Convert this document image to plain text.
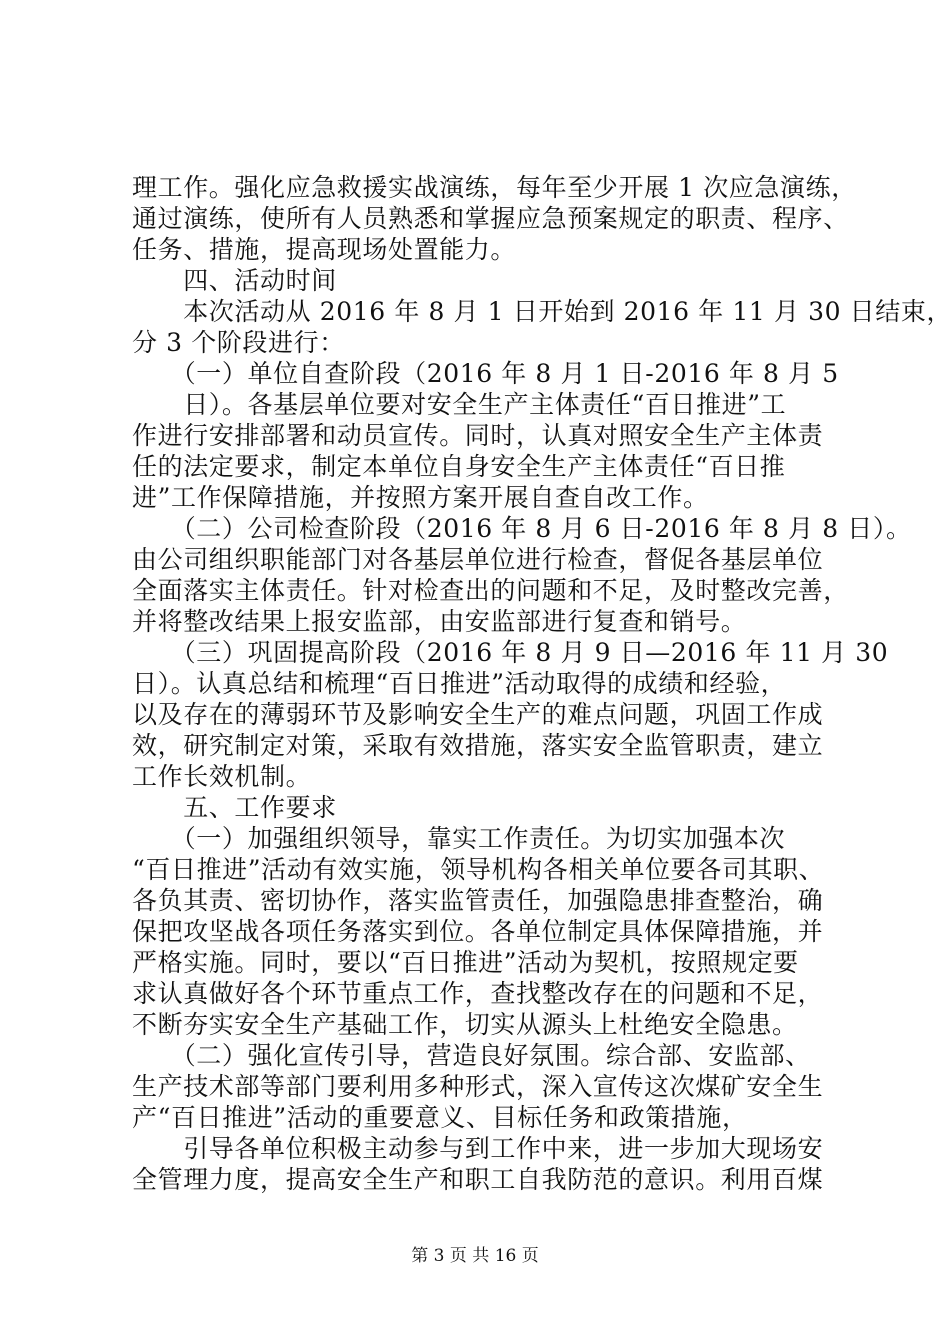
理工作。强化应急救援实战演练，每年至少开展 1 次应急演练，
通过演练，使所有人员熟悉和掌握应急预案规定的职责、程序、
任务、措施，提高现场处置能力。
　　四、活动时间
　　本次活动从 2016 年 8 月 1 日开始到 2016 年 11 月 30 日结束，
分 3 个阶段进行：
　　（一）单位自查阶段（2016 年 8 月 1 日-2016 年 8 月 5
　　日）。各基层单位要对安全生产主体责任“百日推进”工
作进行安排部署和动员宣传。同时，认真对照安全生产主体责
任的法定要求，制定本单位自身安全生产主体责任“百日推
进”工作保障措施，并按照方案开展自查自改工作。
　　（二）公司检查阶段（2016 年 8 月 6 日-2016 年 8 月 8 日）。
由公司组织职能部门对各基层单位进行检查，督促各基层单位
全面落实主体责任。针对检查出的问题和不足，及时整改完善，
并将整改结果上报安监部，由安监部进行复查和销号。
　　（三）巩固提高阶段（2016 年 8 月 9 日—2016 年 11 月 30
日）。认真总结和梳理“百日推进”活动取得的成绩和经验，
以及存在的薄弱环节及影响安全生产的难点问题，巩固工作成
效，研究制定对策，采取有效措施，落实安全监管职责，建立
工作长效机制。
　　五、工作要求
　　（一）加强组织领导，靠实工作责任。为切实加强本次
“百日推进”活动有效实施，领导机构各相关单位要各司其职、
各负其责、密切协作，落实监管责任，加强隐患排查整治，确
保把攻坚战各项任务落实到位。各单位制定具体保障措施，并
严格实施。同时，要以“百日推进”活动为契机，按照规定要
求认真做好各个环节重点工作，查找整改存在的问题和不足，
不断夯实安全生产基础工作，切实从源头上杜绝安全隐患。
　　（二）强化宣传引导，营造良好氛围。综合部、安监部、
生产技术部等部门要利用多种形式，深入宣传这次煤矿安全生
产“百日推进”活动的重要意义、目标任务和政策措施，
　　引导各单位积极主动参与到工作中来，进一步加大现场安
全管理力度，提高安全生产和职工自我防范的意识。利用百煤
第 3 页 共 16 页
